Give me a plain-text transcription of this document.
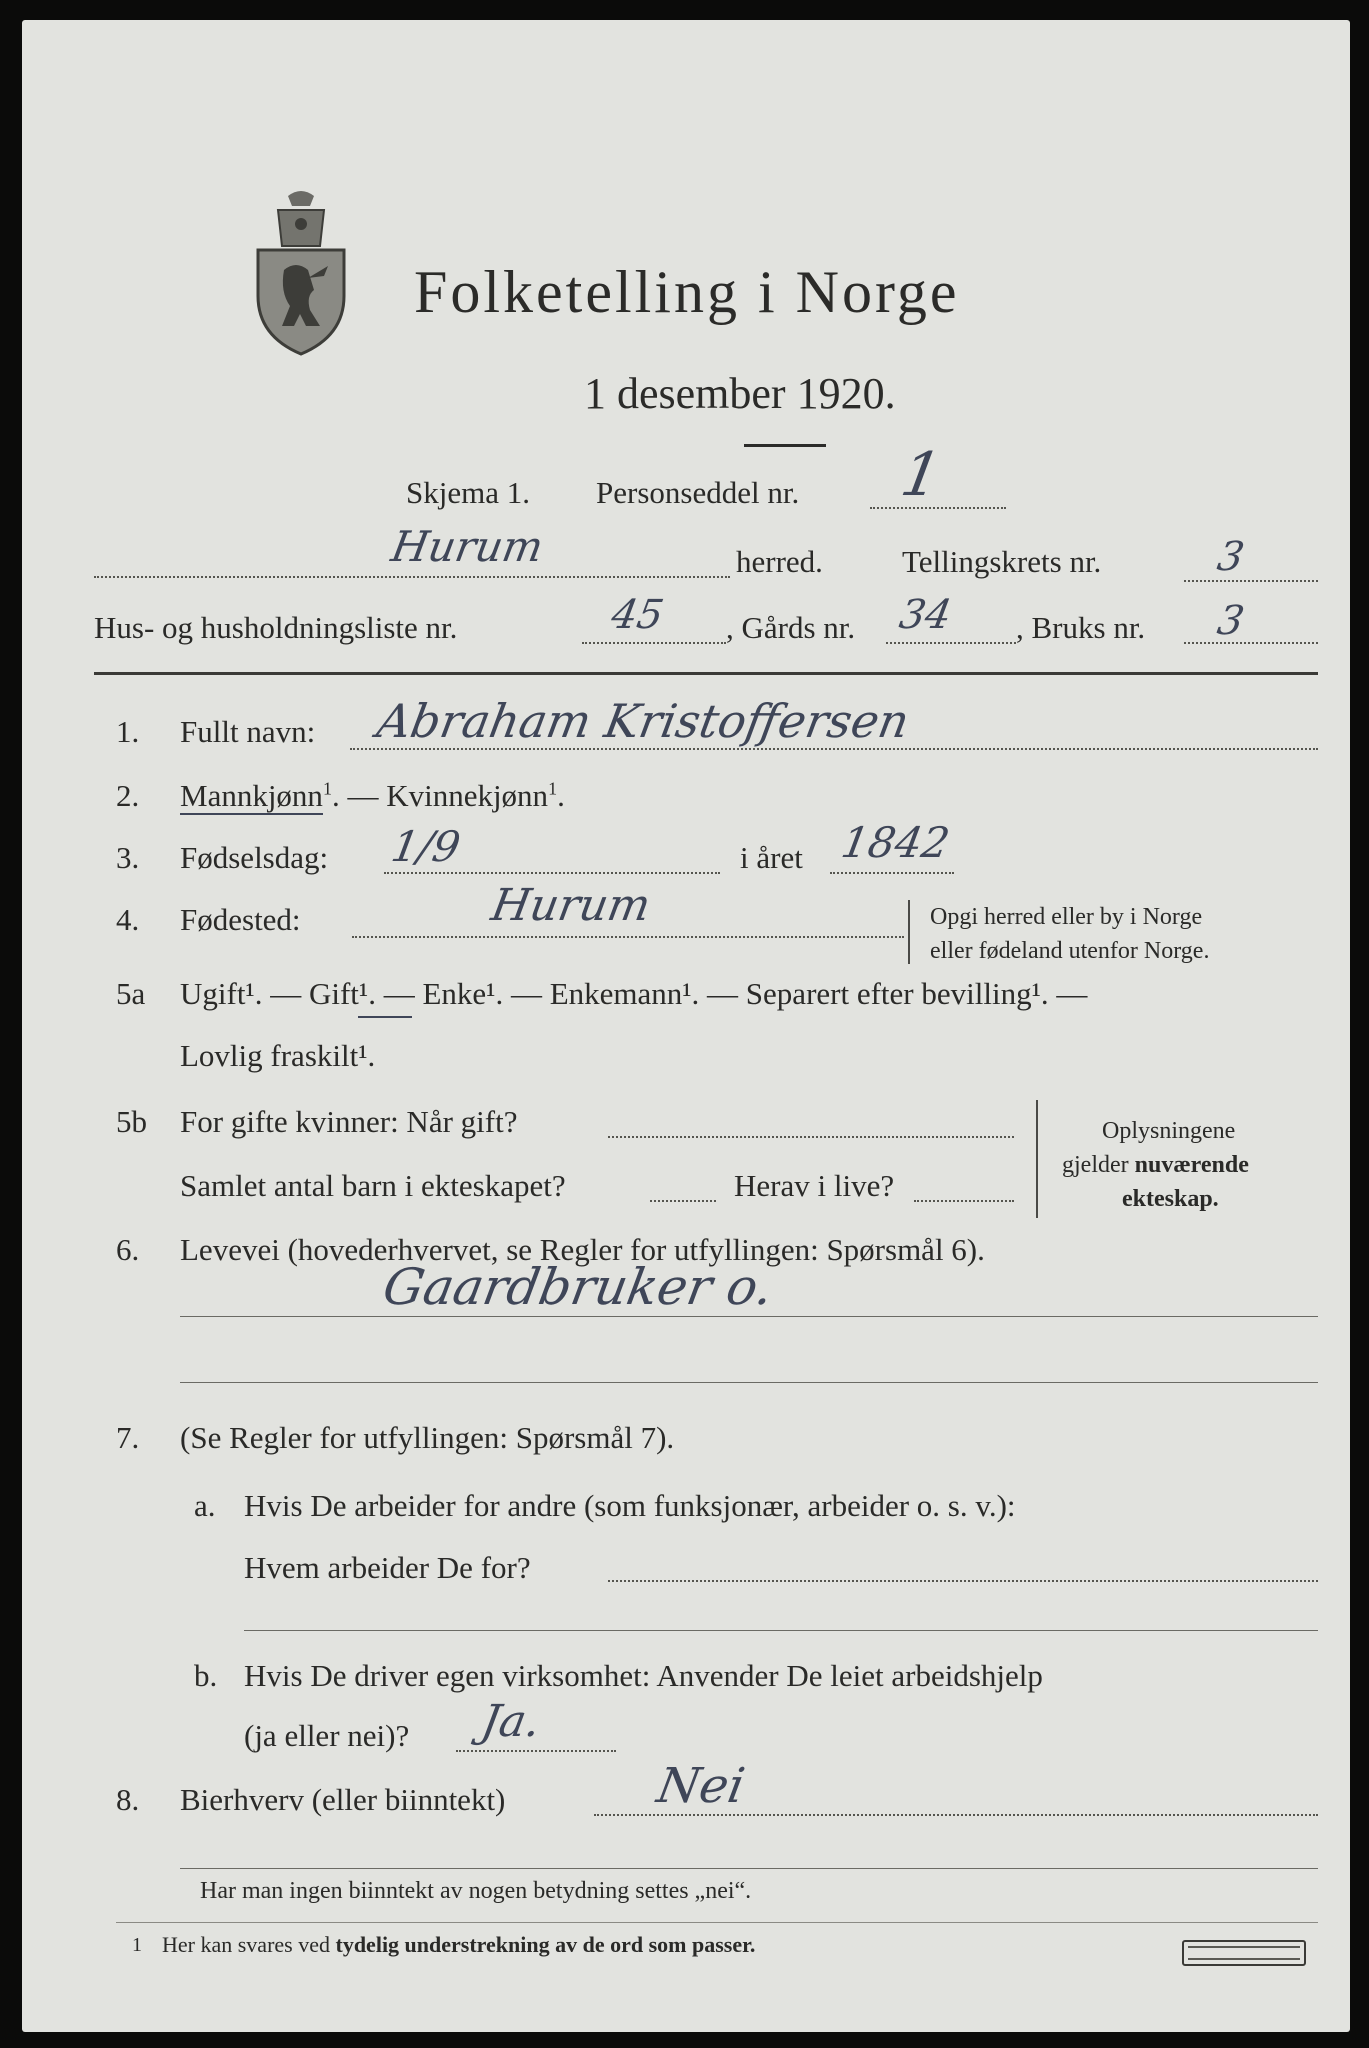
Folketelling i Norge
1 desember 1920.
Skjema 1. Personseddel nr. 1
Hurum	herred.	Tellingskrets nr.	3
Hus- og husholdningsliste nr.	45 , Gårds nr. 34 , Bruks nr. 3
1. Fullt navn: Abraham Kristoffersen
2. Mannkjønn$^1$. — Kvinnekjønn$^1$.
3. Fødselsdag: 1/9	i året 1842
4. Fødested:	Hurum	Opgi herred eller by i Norge
eller fødeland utenfor Norge.
5a Ugift¹. — Gift¹. — Enke¹. — Enkemann¹. — Separert efter bevilling¹. —
Lovlig fraskilt¹.
5b For gifte kvinner: Når gift?
Samlet antal barn i ekteskapet?	Herav i live?
Oplysningene
gjelder nuværende
ekteskap.
6. Levevei (hovederhvervet, se Regler for utfyllingen: Spørsmål 6).
Gaardbruker o.
7. (Se Regler for utfyllingen: Spørsmål 7).
a. Hvis De arbeider for andre (som funksjonær, arbeider o. s. v.):
Hvem arbeider De for?
b. Hvis De driver egen virksomhet: Anvender De leiet arbeidshjelp
(ja eller nei)? Ja.
8. Bierhverv (eller biinntekt)	Nei
Har man ingen biinntekt av nogen betydning settes „nei“.
1 Her kan svares ved tydelig understrekning av de ord som passer.
